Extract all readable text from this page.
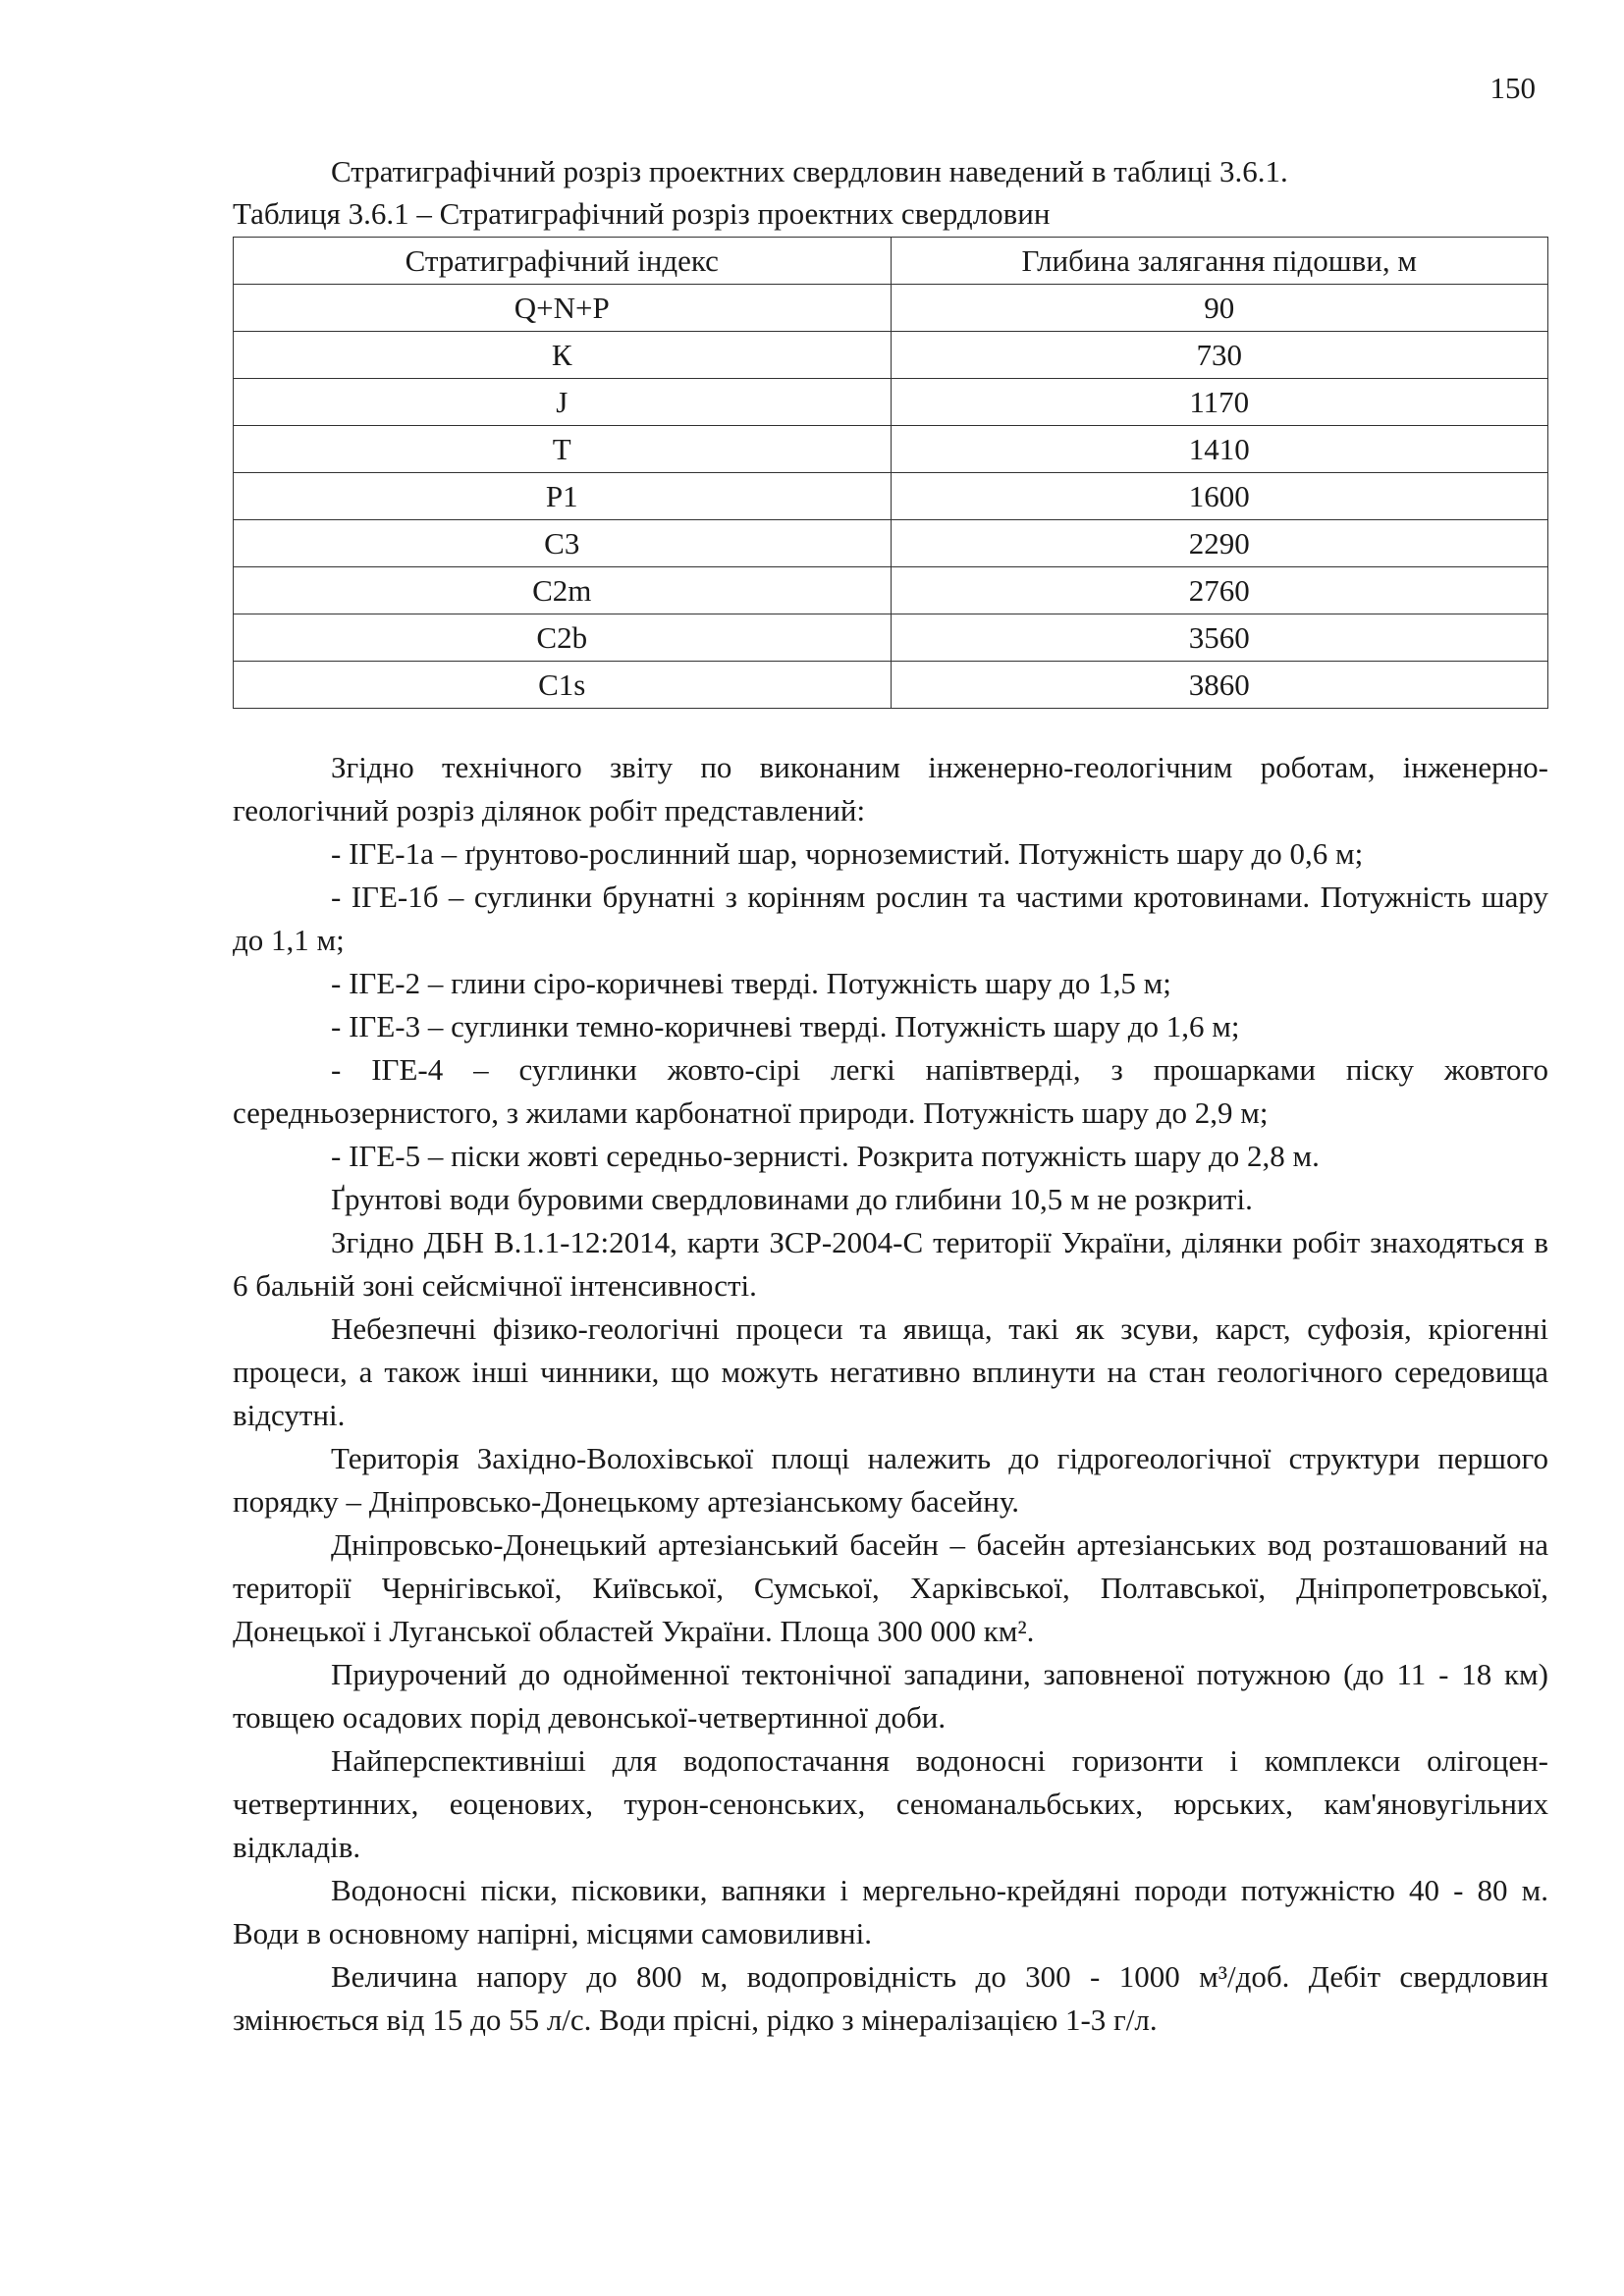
150

Стратиграфічний розріз проектних свердловин наведений в таблиці 3.6.1.

Таблиця 3.6.1 – Стратиграфічний розріз проектних свердловин

Стратиграфічний індекс	Глибина залягання підошви, м
Q+N+P	90
К	730
J	1170
Т	1410
Р1	1600
С3	2290
С2m	2760
С2b	3560
С1s	3860

Згідно технічного звіту по виконаним інженерно-геологічним роботам, інженерно-геологічний розріз ділянок робіт представлений:

- ІГЕ-1а – ґрунтово-рослинний шар, чорноземистий. Потужність шару до 0,6 м;

- ІГЕ-1б – суглинки брунатні з корінням рослин та частими кротовинами. Потужність шару до 1,1 м;

- ІГЕ-2 – глини сіро-коричневі тверді. Потужність шару до 1,5 м;

- ІГЕ-3 – суглинки темно-коричневі тверді. Потужність шару до 1,6 м;

- ІГЕ-4 – суглинки жовто-сірі легкі напівтверді, з прошарками піску жовтого середньозернистого, з жилами карбонатної природи. Потужність шару до 2,9 м;

- ІГЕ-5 – піски жовті середньо-зернисті. Розкрита потужність шару до 2,8 м.

Ґрунтові води буровими свердловинами до глибини 10,5 м не розкриті.

Згідно ДБН В.1.1-12:2014, карти ЗСР-2004-С території України, ділянки робіт знаходяться в 6 бальній зоні сейсмічної інтенсивності.

Небезпечні фізико-геологічні процеси та явища, такі як зсуви, карст, суфозія, кріогенні процеси, а також інші чинники, що можуть негативно вплинути на стан геологічного середовища відсутні.

Територія Західно-Волохівської площі належить до гідрогеологічної структури першого порядку – Дніпровсько-Донецькому артезіанському басейну.

Дніпровсько-Донецький артезіанський басейн – басейн артезіанських вод розташований на території Чернігівської, Київської, Сумської, Харківської, Полтавської, Дніпропетровської, Донецької і Луганської областей України. Площа 300 000 км².

Приурочений до однойменної тектонічної западини, заповненої потужною (до 11 - 18 км) товщею осадових порід девонської-четвертинної доби.

Найперспективніші для водопостачання водоносні горизонти і комплекси олігоцен-четвертинних, еоценових, турон-сенонських, сеноманальбських, юрських, кам'яновугільних відкладів.

Водоносні піски, пісковики, вапняки і мергельно-крейдяні породи потужністю 40 - 80 м. Води в основному напірні, місцями самовиливні.

Величина напору до 800 м, водопровідність до 300 - 1000 м³/доб. Дебіт свердловин змінюється від 15 до 55 л/с. Води прісні, рідко з мінералізацією 1-3 г/л.
